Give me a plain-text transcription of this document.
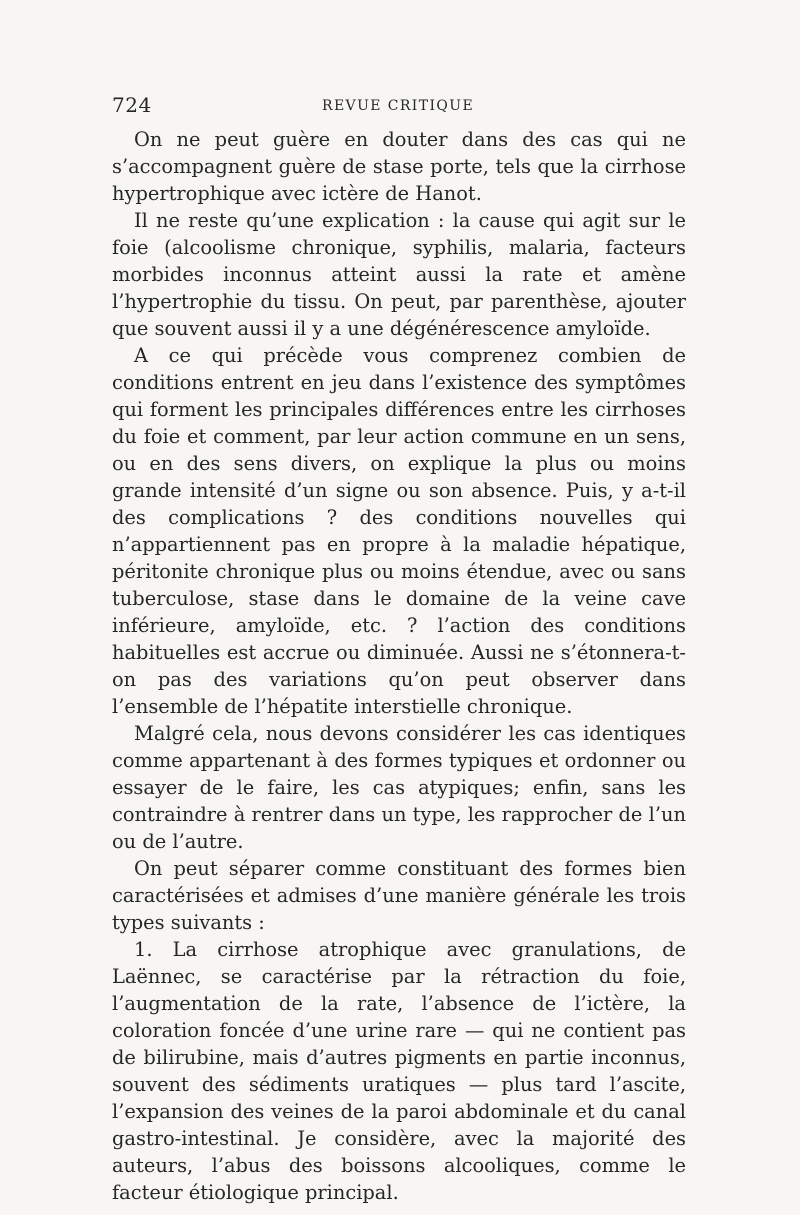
724	REVUE CRITIQUE

On ne peut guère en douter dans des cas qui ne s’accompagnent guère de stase porte, tels que la cirrhose hypertrophique avec ictère de Hanot.

Il ne reste qu’une explication : la cause qui agit sur le foie (alcoolisme chronique, syphilis, malaria, facteurs morbides inconnus atteint aussi la rate et amène l’hypertrophie du tissu. On peut, par parenthèse, ajouter que souvent aussi il y a une dégénérescence amyloïde.

A ce qui précède vous comprenez combien de conditions entrent en jeu dans l’existence des symptômes qui forment les principales différences entre les cirrhoses du foie et comment, par leur action commune en un sens, ou en des sens divers, on explique la plus ou moins grande intensité d’un signe ou son absence. Puis, y a-t-il des complications ? des conditions nouvelles qui n’appartiennent pas en propre à la maladie hépatique, péritonite chronique plus ou moins étendue, avec ou sans tuberculose, stase dans le domaine de la veine cave inférieure, amyloïde, etc. ? l’action des conditions habituelles est accrue ou diminuée. Aussi ne s’étonnera-t-on pas des variations qu’on peut observer dans l’ensemble de l’hépatite interstielle chronique.

Malgré cela, nous devons considérer les cas identiques comme appartenant à des formes typiques et ordonner ou essayer de le faire, les cas atypiques; enfin, sans les contraindre à rentrer dans un type, les rapprocher de l’un ou de l’autre.

On peut séparer comme constituant des formes bien caractérisées et admises d’une manière générale les trois types suivants :

1. La cirrhose atrophique avec granulations, de Laënnec, se caractérise par la rétraction du foie, l’augmentation de la rate, l’absence de l’ictère, la coloration foncée d’une urine rare — qui ne contient pas de bilirubine, mais d’autres pigments en partie inconnus, souvent des sédiments uratiques — plus tard l’ascite, l’expansion des veines de la paroi abdominale et du canal gastro-intestinal. Je considère, avec la majorité des auteurs, l’abus des boissons alcooliques, comme le facteur étiologique principal.
